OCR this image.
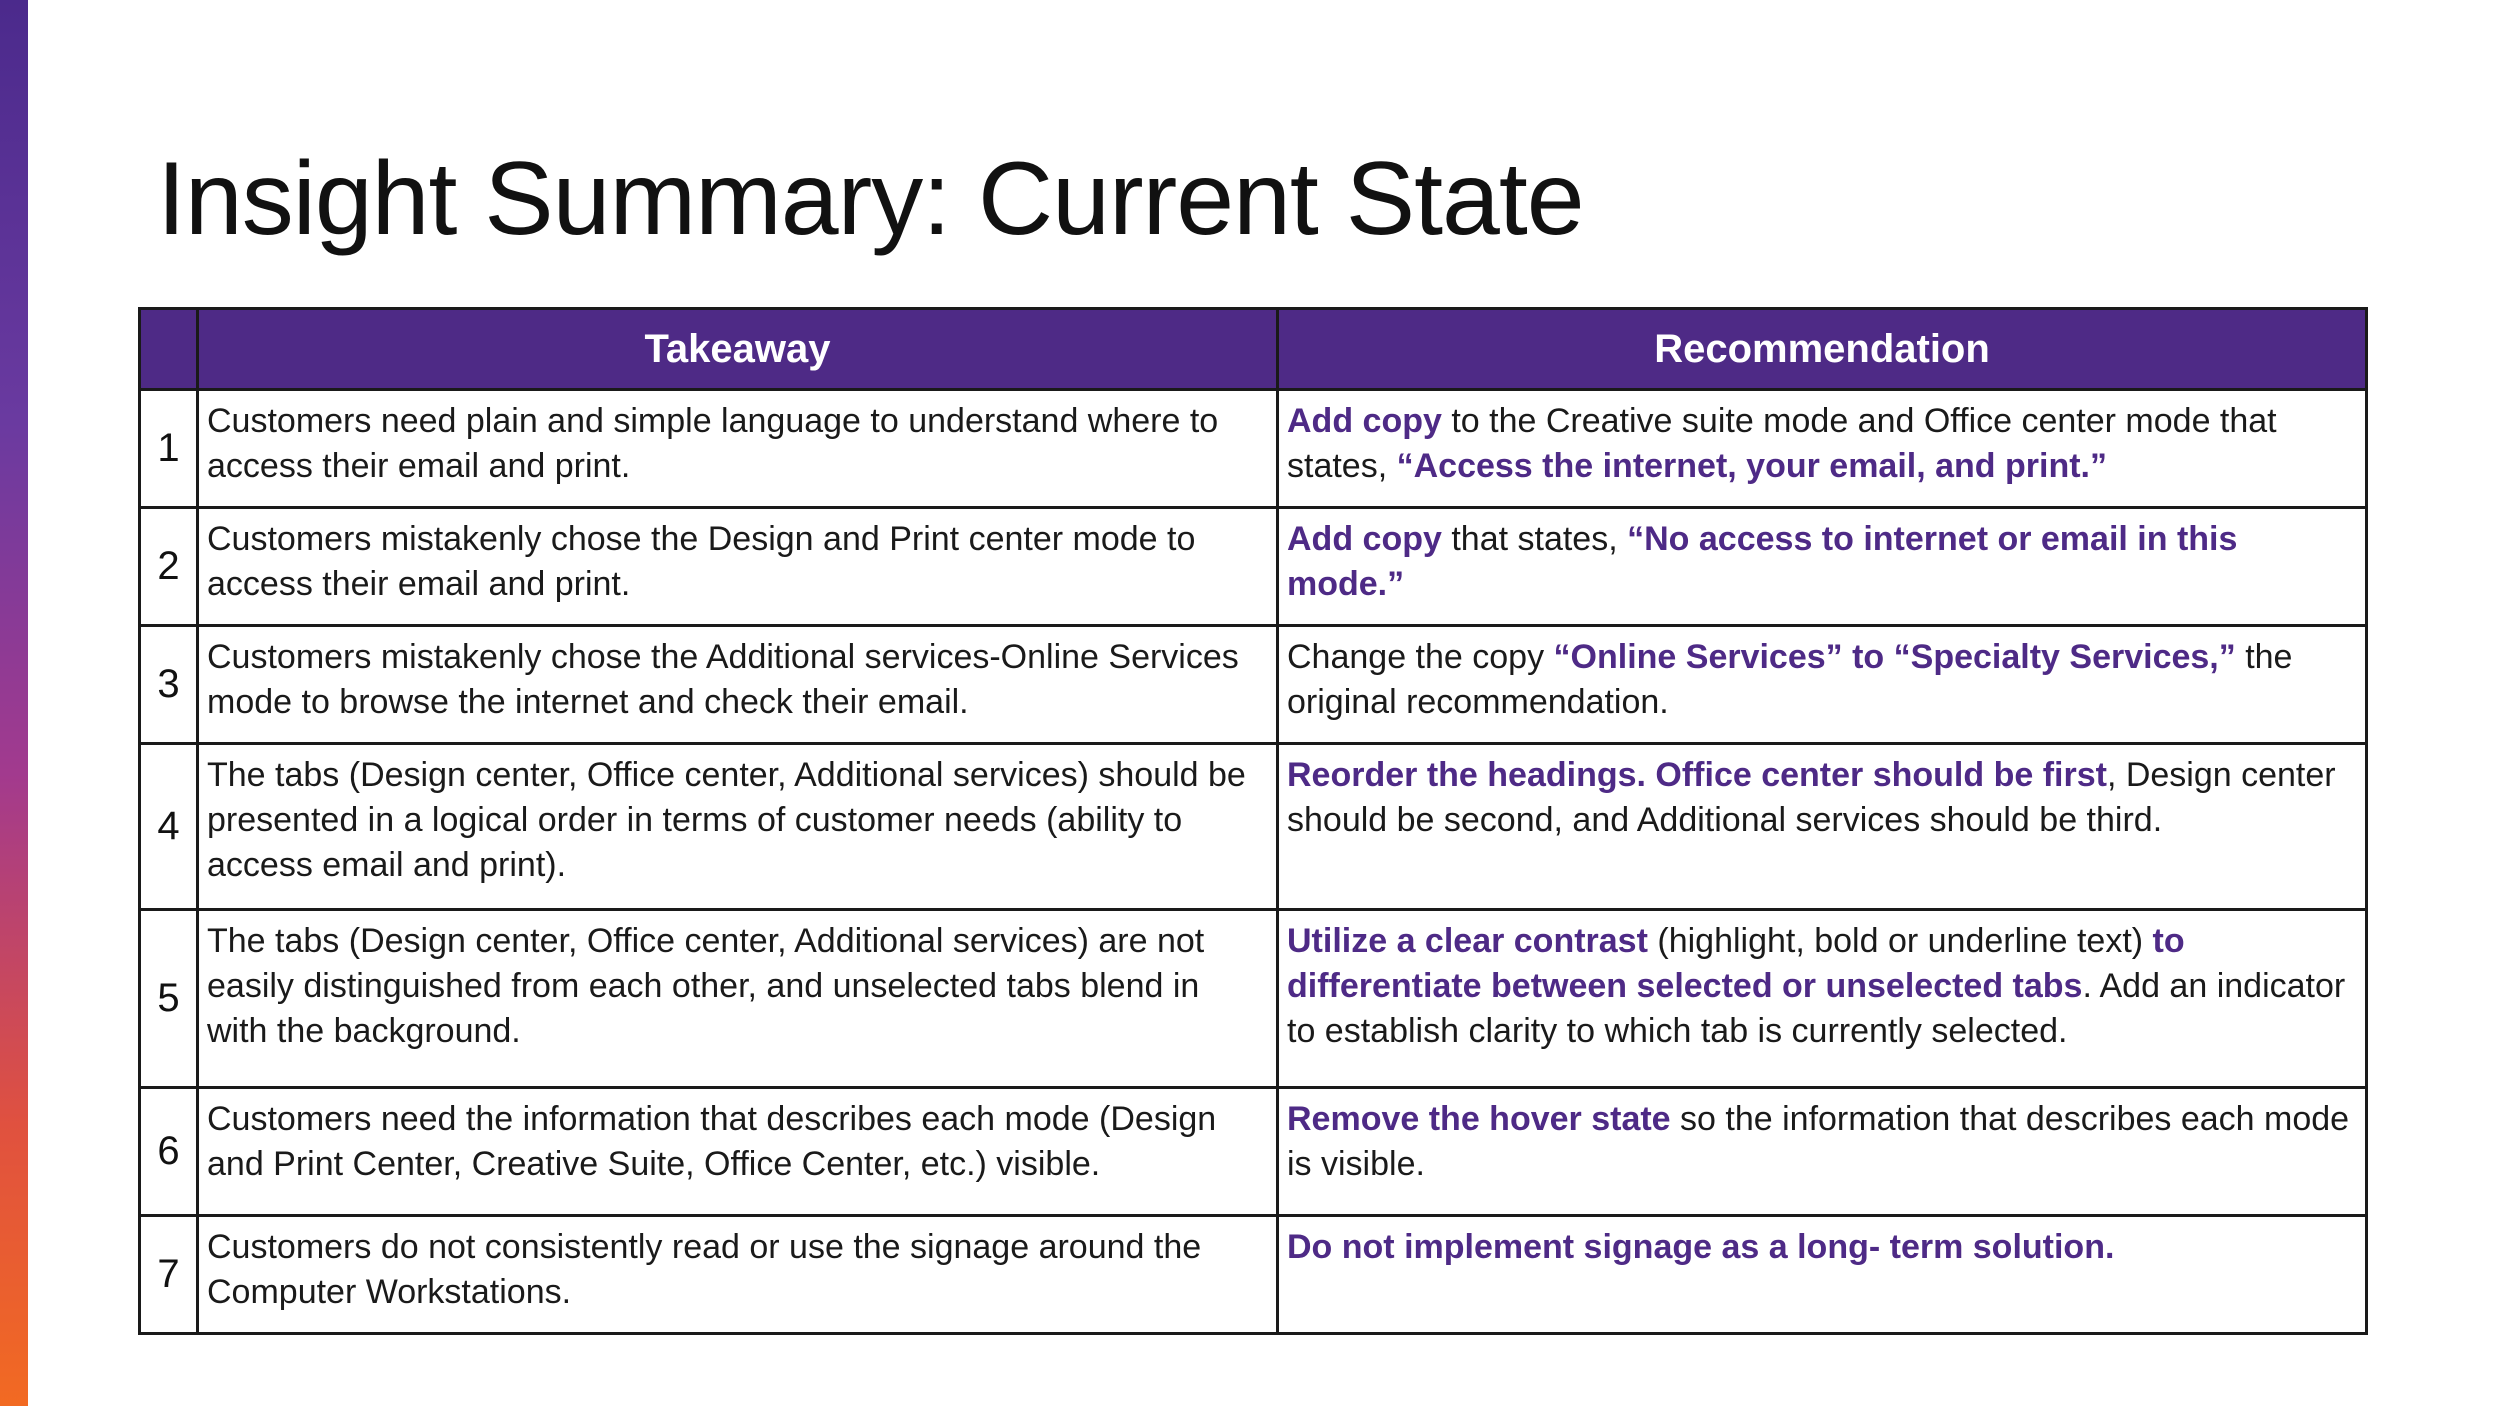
Insight Summary: Current State
	Takeaway	Recommendation
1	Customers need plain and simple language to understand where to access their email and print.	Add copy to the Creative suite mode and Office center mode that states, “Access the internet, your email, and print.”
2	Customers mistakenly chose the Design and Print center mode to access their email and print.	Add copy that states, “No access to internet or email in this mode.”
3	Customers mistakenly chose the Additional services-Online Services mode to browse the internet and check their email.	Change the copy “Online Services” to “Specialty Services,” the original recommendation.
4	The tabs (Design center, Office center, Additional services) should be presented in a logical order in terms of customer needs (ability to access email and print).	Reorder the headings. Office center should be first, Design center should be second, and Additional services should be third.
5	The tabs (Design center, Office center, Additional services) are not easily distinguished from each other, and unselected tabs blend in with the background.	Utilize a clear contrast (highlight, bold or underline text) to differentiate between selected or unselected tabs. Add an indicator to establish clarity to which tab is currently selected.
6	Customers need the information that describes each mode (Design and Print Center, Creative Suite, Office Center, etc.) visible.	Remove the hover state so the information that describes each mode is visible.
7	Customers do not consistently read or use the signage around the Computer Workstations.	Do not implement signage as a long- term solution.
